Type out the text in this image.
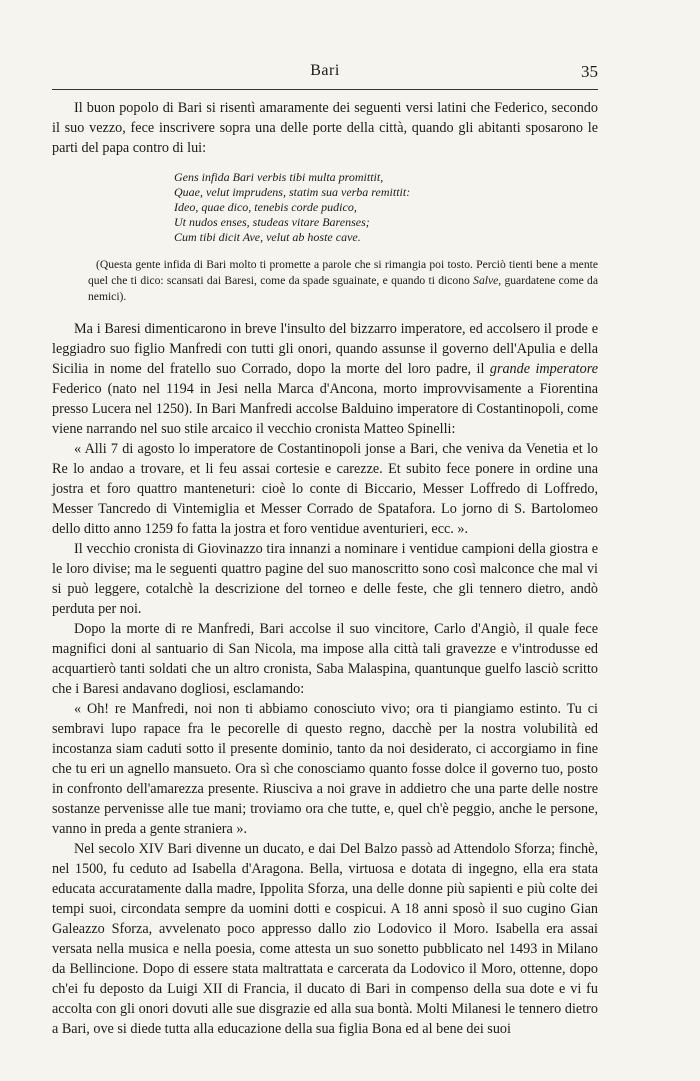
Bari	35

Il buon popolo di Bari si risentì amaramente dei seguenti versi latini che Federico, secondo il suo vezzo, fece inscrivere sopra una delle porte della città, quando gli abitanti sposarono le parti del papa contro di lui:

Gens infida Bari verbis tibi multa promittit,
Quae, velut imprudens, statim sua verba remittit:
Ideo, quae dico, tenebis corde pudico,
Ut nudos enses, studeas vitare Barenses;
Cum tibi dicit Ave, velut ab hoste cave.

(Questa gente infida di Bari molto ti promette a parole che si rimangia poi tosto. Perciò tienti bene a mente quel che ti dico: scansati dai Baresi, come da spade sguainate, e quando ti dicono Salve, guardatene come da nemici).

Ma i Baresi dimenticarono in breve l'insulto del bizzarro imperatore, ed accolsero il prode e leggiadro suo figlio Manfredi con tutti gli onori, quando assunse il governo dell'Apulia e della Sicilia in nome del fratello suo Corrado, dopo la morte del loro padre, il grande imperatore Federico (nato nel 1194 in Jesi nella Marca d'Ancona, morto improvvisamente a Fiorentina presso Lucera nel 1250). In Bari Manfredi accolse Balduino imperatore di Costantinopoli, come viene narrando nel suo stile arcaico il vecchio cronista Matteo Spinelli:

« Alli 7 di agosto lo imperatore de Costantinopoli jonse a Bari, che veniva da Venetia et lo Re lo andao a trovare, et li feu assai cortesie e carezze. Et subito fece ponere in ordine una jostra et foro quattro manteneturi: cioè lo conte di Biccario, Messer Loffredo di Loffredo, Messer Tancredo di Vintemiglia et Messer Corrado de Spatafora. Lo jorno di S. Bartolomeo dello ditto anno 1259 fo fatta la jostra et foro ventidue aventurieri, ecc. ».

Il vecchio cronista di Giovinazzo tira innanzi a nominare i ventidue campioni della giostra e le loro divise; ma le seguenti quattro pagine del suo manoscritto sono così malconce che mal vi si può leggere, cotalchè la descrizione del torneo e delle feste, che gli tennero dietro, andò perduta per noi.

Dopo la morte di re Manfredi, Bari accolse il suo vincitore, Carlo d'Angiò, il quale fece magnifici doni al santuario di San Nicola, ma impose alla città tali gravezze e v'introdusse ed acquartierò tanti soldati che un altro cronista, Saba Malaspina, quantunque guelfo lasciò scritto che i Baresi andavano dogliosi, esclamando:

« Oh! re Manfredi, noi non ti abbiamo conosciuto vivo; ora ti piangiamo estinto. Tu ci sembravi lupo rapace fra le pecorelle di questo regno, dacchè per la nostra volubilità ed incostanza siam caduti sotto il presente dominio, tanto da noi desiderato, ci accorgiamo in fine che tu eri un agnello mansueto. Ora sì che conosciamo quanto fosse dolce il governo tuo, posto in confronto dell'amarezza presente. Riusciva a noi grave in addietro che una parte delle nostre sostanze pervenisse alle tue mani; troviamo ora che tutte, e, quel ch'è peggio, anche le persone, vanno in preda a gente straniera ».

Nel secolo XIV Bari divenne un ducato, e dai Del Balzo passò ad Attendolo Sforza; finchè, nel 1500, fu ceduto ad Isabella d'Aragona. Bella, virtuosa e dotata di ingegno, ella era stata educata accuratamente dalla madre, Ippolita Sforza, una delle donne più sapienti e più colte dei tempi suoi, circondata sempre da uomini dotti e cospicui. A 18 anni sposò il suo cugino Gian Galeazzo Sforza, avvelenato poco appresso dallo zio Lodovico il Moro. Isabella era assai versata nella musica e nella poesia, come attesta un suo sonetto pubblicato nel 1493 in Milano da Bellincione. Dopo di essere stata maltrattata e carcerata da Lodovico il Moro, ottenne, dopo ch'ei fu deposto da Luigi XII di Francia, il ducato di Bari in compenso della sua dote e vi fu accolta con gli onori dovuti alle sue disgrazie ed alla sua bontà. Molti Milanesi le tennero dietro a Bari, ove si diede tutta alla educazione della sua figlia Bona ed al bene dei suoi
